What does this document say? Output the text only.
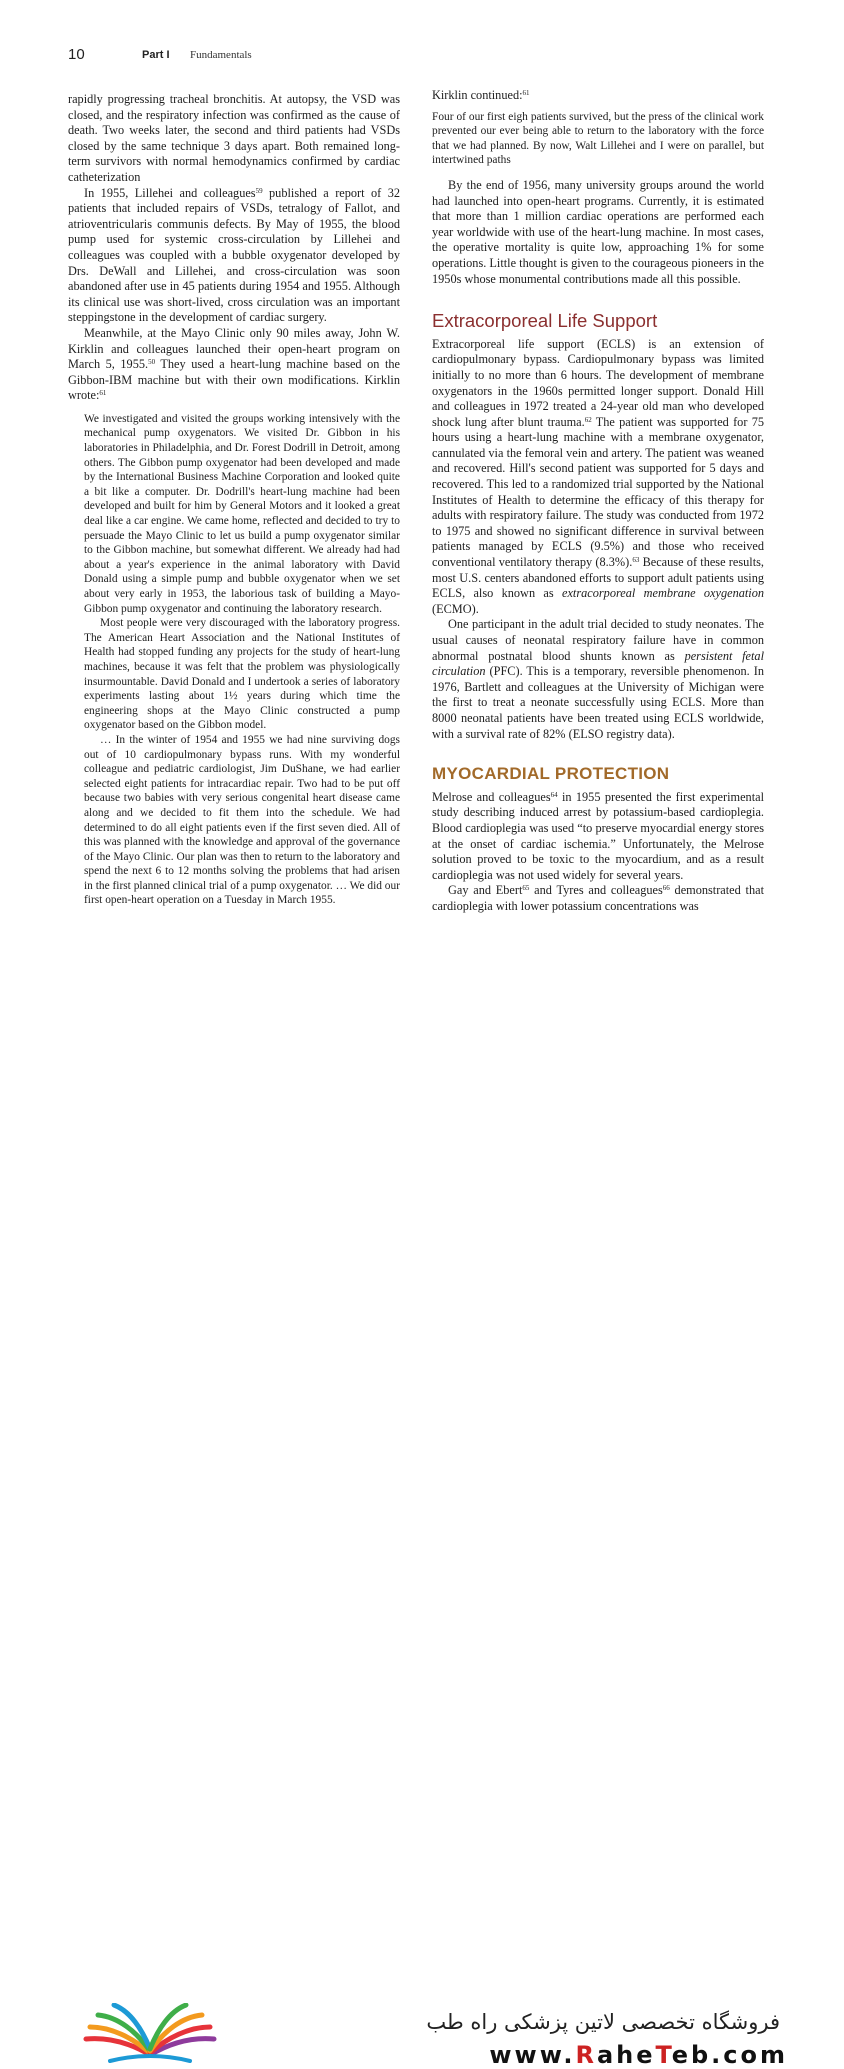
10	Part I Fundamentals

rapidly progressing tracheal bronchitis. At autopsy, the VSD was closed, and the respiratory infection was confirmed as the cause of death. Two weeks later, the second and third patients had VSDs closed by the same technique 3 days apart. Both remained long-term survivors with normal hemodynamics confirmed by cardiac catheterization

In 1955, Lillehei and colleagues$^{59}$ published a report of 32 patients that included repairs of VSDs, tetralogy of Fallot, and atrioventricularis communis defects. By May of 1955, the blood pump used for systemic cross-circulation by Lillehei and colleagues was coupled with a bubble oxygenator developed by Drs. DeWall and Lillehei, and cross-circulation was soon abandoned after use in 45 patients during 1954 and 1955. Although its clinical use was short-lived, cross circulation was an important steppingstone in the development of cardiac surgery.

Meanwhile, at the Mayo Clinic only 90 miles away, John W. Kirklin and colleagues launched their open-heart program on March 5, 1955.50 They used a heart-lung machine based on the Gibbon-IBM machine but with their own modifications. Kirklin wrote:$^{61}$

We investigated and visited the groups working intensively with the mechanical pump oxygenators. We visited Dr. Gibbon in his laboratories in Philadelphia, and Dr. Forest Dodrill in Detroit, among others. The Gibbon pump oxygenator had been developed and made by the International Business Machine Corporation and looked quite a bit like a computer. Dr. Dodrill's heart-lung machine had been developed and built for him by General Motors and it looked a great deal like a car engine. We came home, reflected and decided to try to persuade the Mayo Clinic to let us build a pump oxygenator similar to the Gibbon machine, but somewhat different. We already had had about a year's experience in the animal laboratory with David Donald using a simple pump and bubble oxygenator when we set about very early in 1953, the laborious task of building a Mayo-Gibbon pump oxygenator and continuing the laboratory research.

Most people were very discouraged with the laboratory progress. The American Heart Association and the National Institutes of Health had stopped funding any projects for the study of heart-lung machines, because it was felt that the problem was physiologically insurmountable. David Donald and I undertook a series of laboratory experiments lasting about 1½ years during which time the engineering shops at the Mayo Clinic constructed a pump oxygenator based on the Gibbon model.

… In the winter of 1954 and 1955 we had nine surviving dogs out of 10 cardiopulmonary bypass runs. With my wonderful colleague and pediatric cardiologist, Jim DuShane, we had earlier selected eight patients for intracardiac repair. Two had to be put off because two babies with very serious congenital heart disease came along and we decided to fit them into the schedule. We had determined to do all eight patients even if the first seven died. All of this was planned with the knowledge and approval of the governance of the Mayo Clinic. Our plan was then to return to the laboratory and spend the next 6 to 12 months solving the problems that had arisen in the first planned clinical trial of a pump oxygenator. … We did our first open-heart operation on a Tuesday in March 1955.

Kirklin continued:$^{61}$

Four of our first eigh patients survived, but the press of the clinical work prevented our ever being able to return to the laboratory with the force that we had planned. By now, Walt Lillehei and I were on parallel, but intertwined paths

By the end of 1956, many university groups around the world had launched into open-heart programs. Currently, it is estimated that more than 1 million cardiac operations are performed each year worldwide with use of the heart-lung machine. In most cases, the operative mortality is quite low, approaching 1% for some operations. Little thought is given to the courageous pioneers in the 1950s whose monumental contributions made all this possible.

Extracorporeal Life Support

Extracorporeal life support (ECLS) is an extension of cardiopulmonary bypass. Cardiopulmonary bypass was limited initially to no more than 6 hours. The development of membrane oxygenators in the 1960s permitted longer support. Donald Hill and colleagues in 1972 treated a 24-year old man who developed shock lung after blunt trauma.$^{62}$ The patient was supported for 75 hours using a heart-lung machine with a membrane oxygenator, cannulated via the femoral vein and artery. The patient was weaned and recovered. Hill's second patient was supported for 5 days and recovered. This led to a randomized trial supported by the National Institutes of Health to determine the efficacy of this therapy for adults with respiratory failure. The study was conducted from 1972 to 1975 and showed no significant difference in survival between patients managed by ECLS (9.5%) and those who received conventional ventilatory therapy (8.3%).$^{63}$ Because of these results, most U.S. centers abandoned efforts to support adult patients using ECLS, also known as extracorporeal membrane oxygenation (ECMO).

One participant in the adult trial decided to study neonates. The usual causes of neonatal respiratory failure have in common abnormal postnatal blood shunts known as persistent fetal circulation (PFC). This is a temporary, reversible phenomenon. In 1976, Bartlett and colleagues at the University of Michigan were the first to treat a neonate successfully using ECLS. More than 8000 neonatal patients have been treated using ECLS worldwide, with a survival rate of 82% (ELSO registry data).

MYOCARDIAL PROTECTION

Melrose and colleagues$^{64}$ in 1955 presented the first experimental study describing induced arrest by potassium-based cardioplegia. Blood cardioplegia was used “to preserve myocardial energy stores at the onset of cardiac ischemia.” Unfortunately, the Melrose solution proved to be toxic to the myocardium, and as a result cardioplegia was not used widely for several years.

Gay and Ebert$^{65}$ and Tyres and colleagues$^{66}$ demonstrated that cardioplegia with lower potassium concentrations was

فروشگاه تخصصی لاتین پزشکی راه طب
www.RaheTeb.com
